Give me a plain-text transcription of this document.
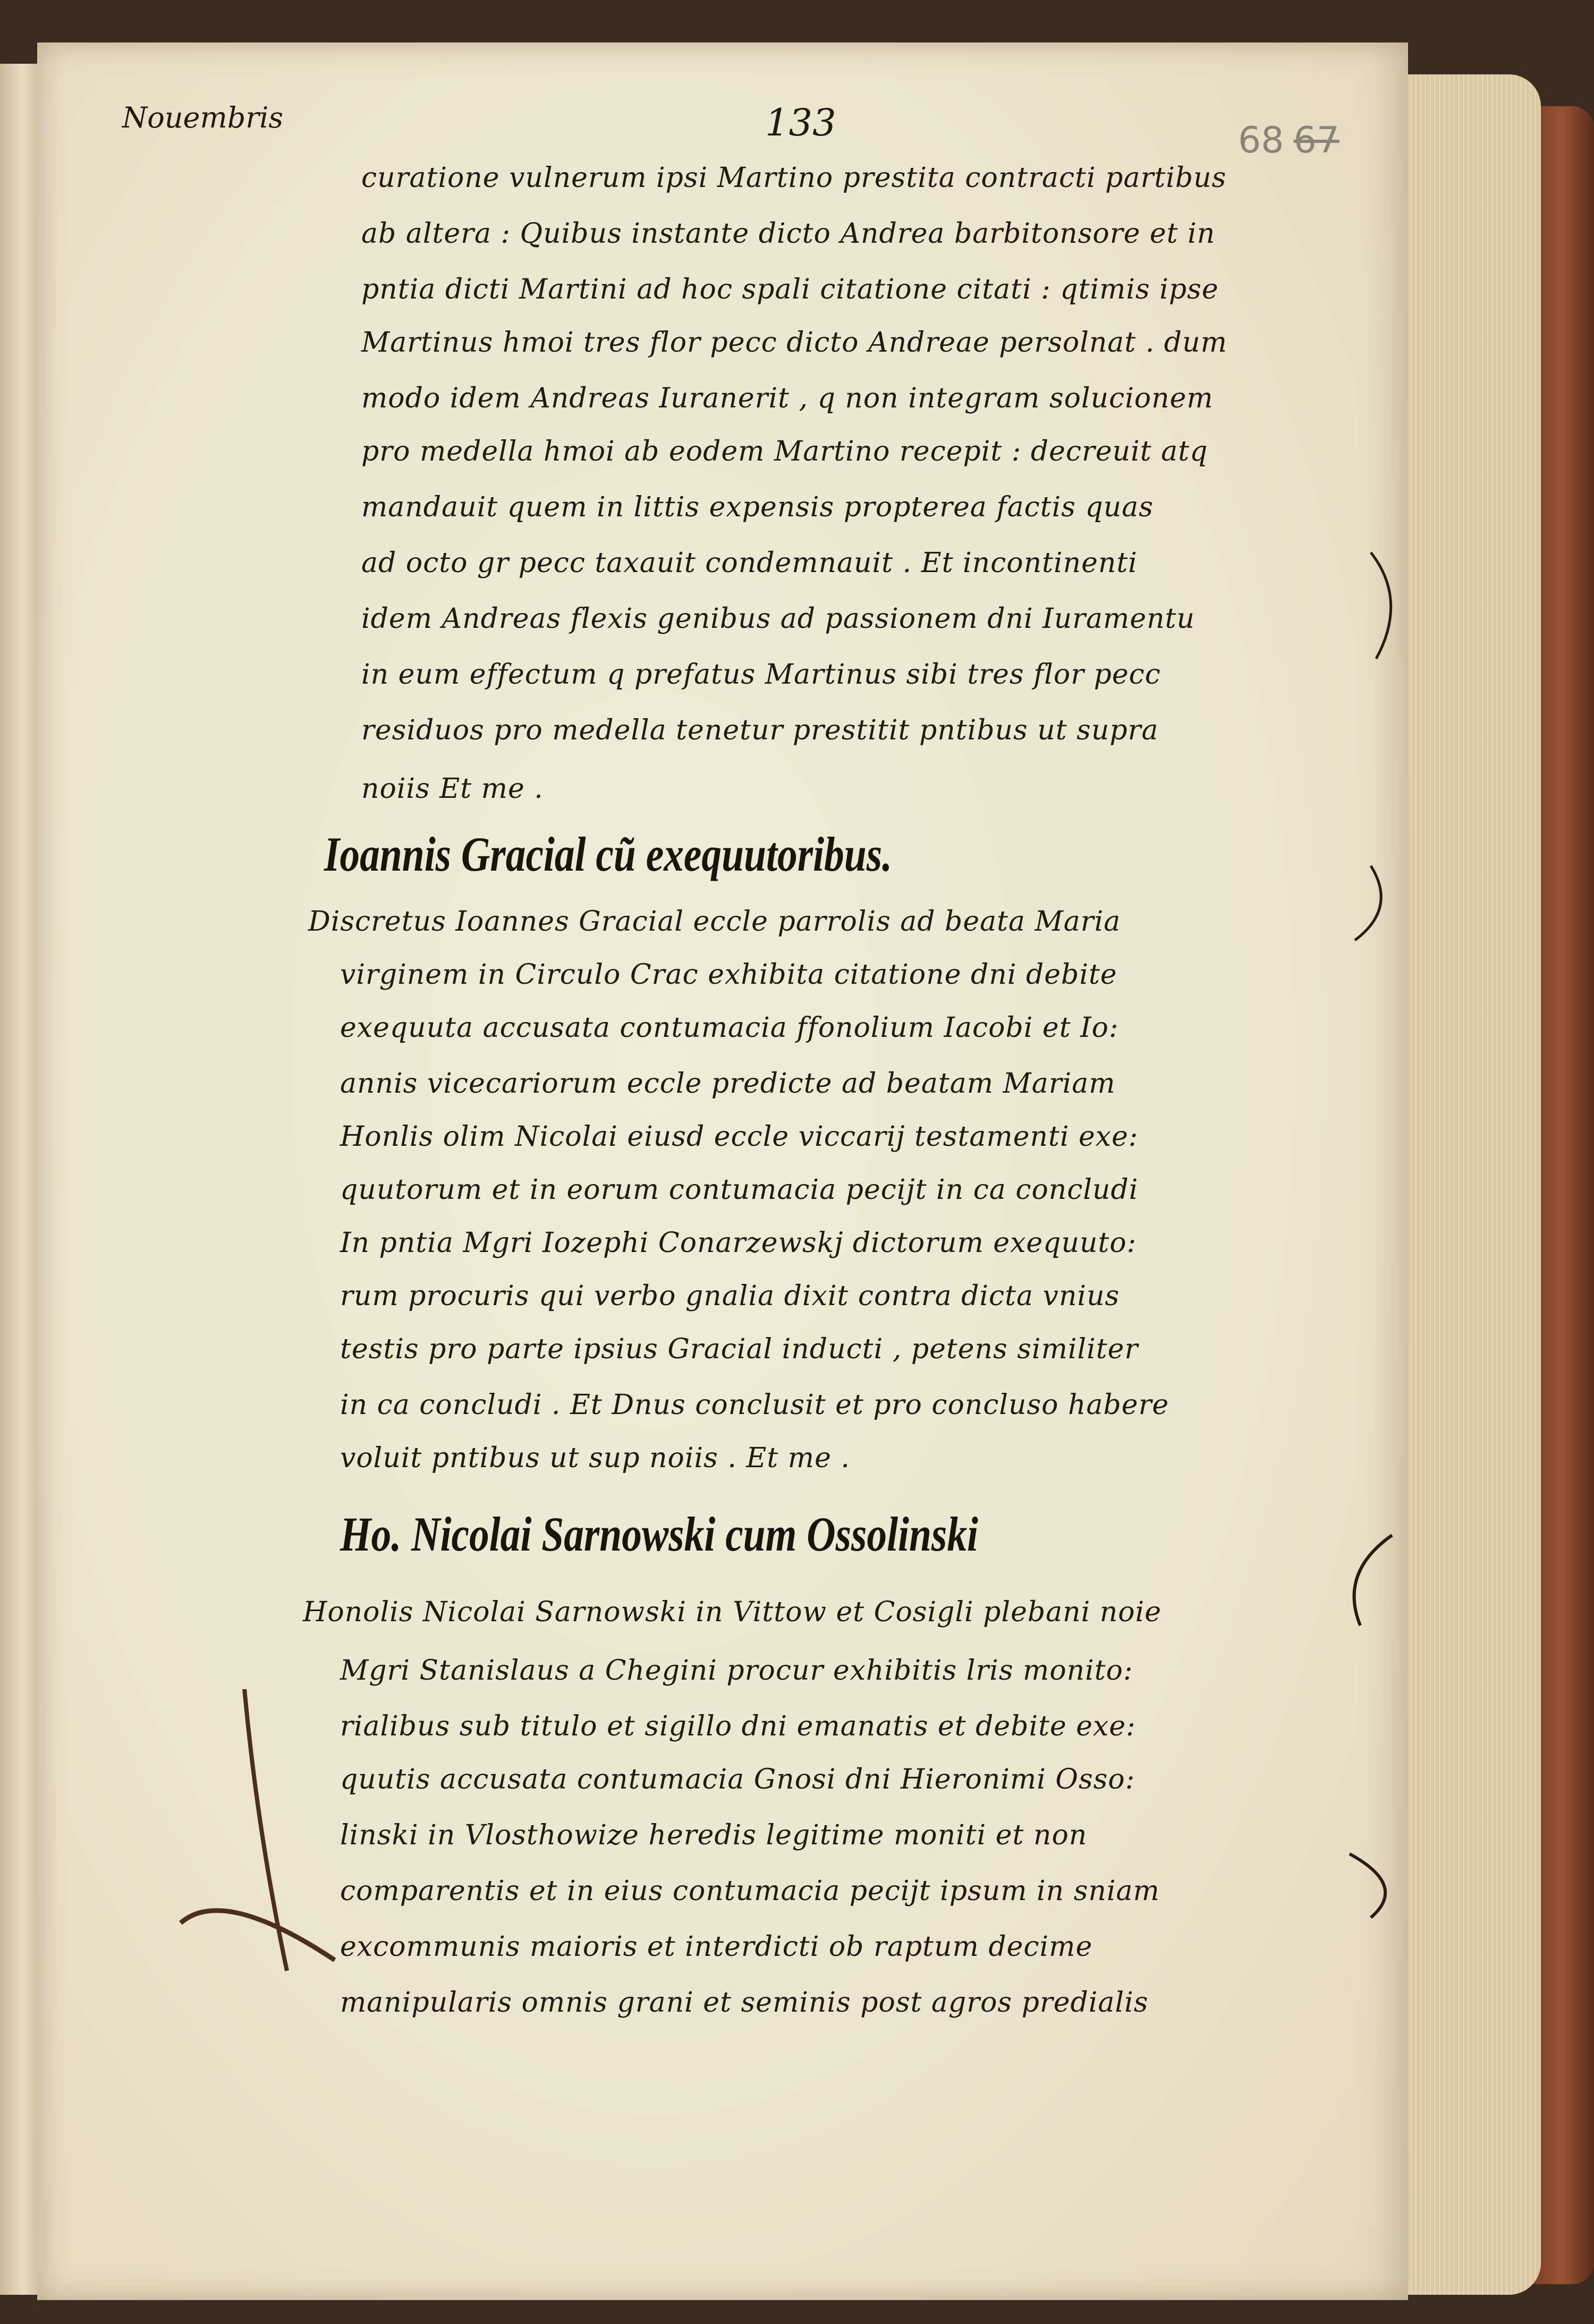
Nouembris	133	68 67
curatione vulnerum ipsi Martino prestita contracti partibus
ab altera : Quibus instante dicto Andrea barbitonsore et in
pntia dicti Martini ad hoc spali citatione citati : qtimis ipse
Martinus hmoi tres flor pecc dicto Andreae persolnat . dum
modo idem Andreas Iuranerit , q non integram solucionem
pro medella hmoi ab eodem Martino recepit : decreuit atq
mandauit quem in littis expensis propterea factis quas
ad octo gr pecc taxauit condemnauit . Et incontinenti
idem Andreas flexis genibus ad passionem dni Iuramentu
in eum effectum q prefatus Martinus sibi tres flor pecc
residuos pro medella tenetur prestitit pntibus ut supra
noiis Et me .
Ioannis Gracial cũ exequutoribus.
Discretus Ioannes Gracial eccle parrolis ad beata Maria
virginem in Circulo Crac exhibita citatione dni debite
exequuta accusata contumacia ffonolium Iacobi et Io:
annis vicecariorum eccle predicte ad beatam Mariam
Honlis olim Nicolai eiusd eccle viccarij testamenti exe:
quutorum et in eorum contumacia pecijt in ca concludi
In pntia Mgri Iozephi Conarzewskj dictorum exequuto:
rum procuris qui verbo gnalia dixit contra dicta vnius
testis pro parte ipsius Gracial inducti , petens similiter
in ca concludi . Et Dnus conclusit et pro concluso habere
voluit pntibus ut sup noiis . Et me .
Ho. Nicolai Sarnowski cum Ossolinski
Honolis Nicolai Sarnowski in Vittow et Cosigli plebani noie
Mgri Stanislaus a Chegini procur exhibitis lris monito:
rialibus sub titulo et sigillo dni emanatis et debite exe:
quutis accusata contumacia Gnosi dni Hieronimi Osso:
linski in Vlosthowize heredis legitime moniti et non
comparentis et in eius contumacia pecijt ipsum in sniam
excommunis maioris et interdicti ob raptum decime
manipularis omnis grani et seminis post agros predialis
